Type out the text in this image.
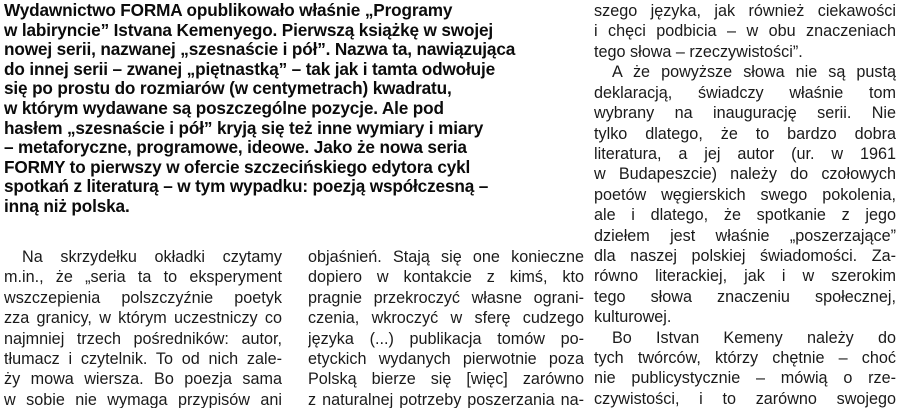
Wydawnictwo FORMA opublikowało właśnie „Programy
w labiryncie” Istvana Kemenyego. Pierwszą książkę w swojej
nowej serii, nazwanej „szesnaście i pół”. Nazwa ta, nawiązująca
do innej serii – zwanej „piętnastką” – tak jak i tamta odwołuje
się po prostu do rozmiarów (w centymetrach) kwadratu,
w którym wydawane są poszczególne pozycje. Ale pod
hasłem „szesnaście i pół” kryją się też inne wymiary i miary
– metaforyczne, programowe, ideowe. Jako że nowa seria
FORMY to pierwszy w ofercie szczecińskiego edytora cykl
spotkań z literaturą – w tym wypadku: poezją współczesną –
inną niż polska.
Na skrzydełku okładki czytamy
m.in., że „seria ta to eksperyment
wszczepienia polszczyźnie poetyk
zza granicy, w którym uczestniczy co
najmniej trzech pośredników: autor,
tłumacz i czytelnik. To od nich zale-
ży mowa wiersza. Bo poezja sama
w sobie nie wymaga przypisów ani
objaśnień. Stają się one konieczne
dopiero w kontakcie z kimś, kto
pragnie przekroczyć własne ograni-
czenia, wkroczyć w sferę cudzego
języka (...) publikacja tomów po-
etyckich wydanych pierwotnie poza
Polską bierze się [więc] zarówno
z naturalnej potrzeby poszerzania na-
szego języka, jak również ciekawości
i chęci podbicia – w obu znaczeniach
tego słowa – rzeczywistości”.
A że powyższe słowa nie są pustą
deklaracją, świadczy właśnie tom
wybrany na inaugurację serii. Nie
tylko dlatego, że to bardzo dobra
literatura, a jej autor (ur. w 1961
w Budapeszcie) należy do czołowych
poetów węgierskich swego pokolenia,
ale i dlatego, że spotkanie z jego
dziełem jest właśnie „poszerzające”
dla naszej polskiej świadomości. Za-
równo literackiej, jak i w szerokim
tego słowa znaczeniu społecznej,
kulturowej.
Bo Istvan Kemeny należy do
tych twórców, którzy chętnie – choć
nie publicystycznie – mówią o rze-
czywistości, i to zarówno swojego
